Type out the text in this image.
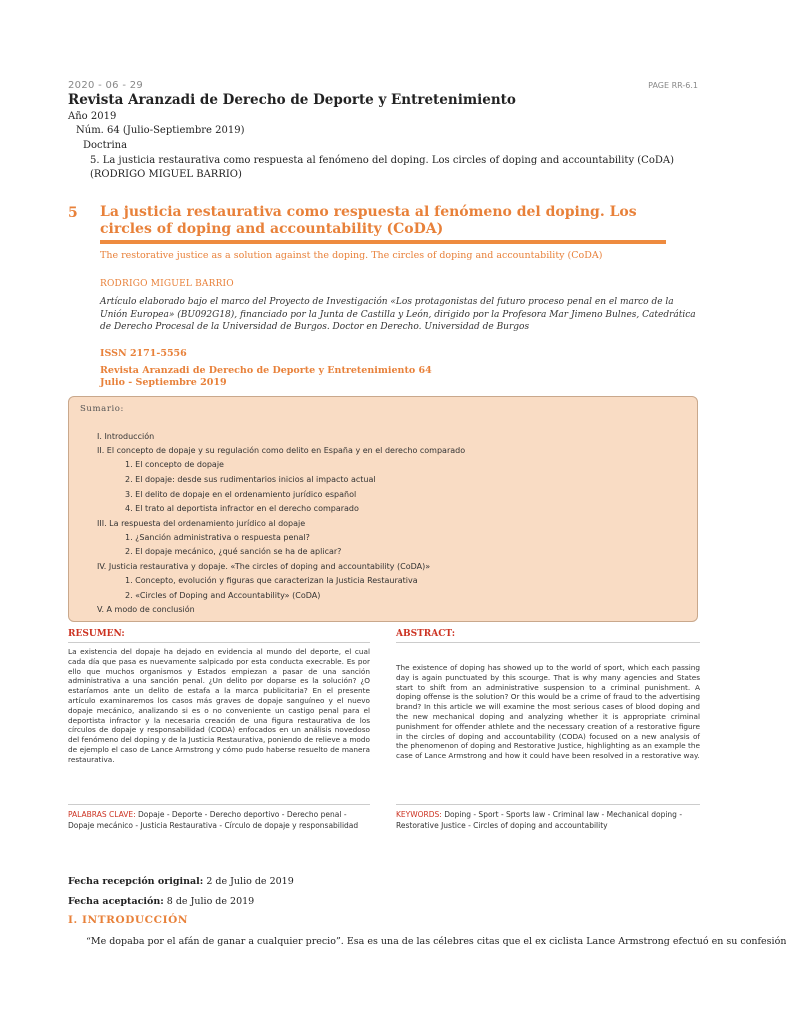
2020 - 06 - 29	PAGE RR-6.1
Revista Aranzadi de Derecho de Deporte y Entretenimiento
Año 2019
Núm. 64 (Julio-Septiembre 2019)
Doctrina
5. La justicia restaurativa como respuesta al fenómeno del doping. Los circles of doping and accountability (CoDA) (RODRIGO MIGUEL BARRIO)
5 La justicia restaurativa como respuesta al fenómeno del doping. Los circles of doping and accountability (CoDA)
The restorative justice as a solution against the doping. The circles of doping and accountability (CoDA)
RODRIGO MIGUEL BARRIO
Artículo elaborado bajo el marco del Proyecto de Investigación «Los protagonistas del futuro proceso penal en el marco de la Unión Europea» (BU092G18), financiado por la Junta de Castilla y León, dirigido por la Profesora Mar Jimeno Bulnes, Catedrática de Derecho Procesal de la Universidad de Burgos. Doctor en Derecho. Universidad de Burgos
ISSN 2171-5556
Revista Aranzadi de Derecho de Deporte y Entretenimiento 64
Julio - Septiembre 2019
Sumario:
I. Introducción
II. El concepto de dopaje y su regulación como delito en España y en el derecho comparado
1. El concepto de dopaje
2. El dopaje: desde sus rudimentarios inicios al impacto actual
3. El delito de dopaje en el ordenamiento jurídico español
4. El trato al deportista infractor en el derecho comparado
III. La respuesta del ordenamiento jurídico al dopaje
1. ¿Sanción administrativa o respuesta penal?
2. El dopaje mecánico, ¿qué sanción se ha de aplicar?
IV. Justicia restaurativa y dopaje. «The circles of doping and accountability (CoDA)»
1. Concepto, evolución y figuras que caracterizan la Justicia Restaurativa
2. «Circles of Doping and Accountability» (CoDA)
V. A modo de conclusión
RESUMEN:	ABSTRACT:
La existencia del dopaje ha dejado en evidencia al mundo del deporte, el cual cada día que pasa es nuevamente salpicado por esta conducta execrable. Es por ello que muchos organismos y Estados empiezan a pasar de una sanción administrativa a una sanción penal. ¿Un delito por doparse es la solución? ¿O estaríamos ante un delito de estafa a la marca publicitaria? En el presente artículo examinaremos los casos más graves de dopaje sanguíneo y el nuevo dopaje mecánico, analizando si es o no conveniente un castigo penal para el deportista infractor y la necesaria creación de una figura restaurativa de los círculos de dopaje y responsabilidad (CODA) enfocados en un análisis novedoso del fenómeno del doping y de la Justicia Restaurativa, poniendo de relieve a modo de ejemplo el caso de Lance Armstrong y cómo pudo haberse resuelto de manera restaurativa.
The existence of doping has showed up to the world of sport, which each passing day is again punctuated by this scourge. That is why many agencies and States start to shift from an administrative suspension to a criminal punishment. A doping offense is the solution? Or this would be a crime of fraud to the advertising brand? In this article we will examine the most serious cases of blood doping and the new mechanical doping and analyzing whether it is appropriate criminal punishment for offender athlete and the necessary creation of a restorative figure in the circles of doping and accountability (CODA) focused on a new analysis of the phenomenon of doping and Restorative Justice, highlighting as an example the case of Lance Armstrong and how it could have been resolved in a restorative way.
PALABRAS CLAVE: Dopaje - Deporte - Derecho deportivo - Derecho penal - Dopaje mecánico - Justicia Restaurativa - Círculo de dopaje y responsabilidad
KEYWORDS: Doping - Sport - Sports law - Criminal law - Mechanical doping - Restorative Justice - Circles of doping and accountability
Fecha recepción original: 2 de Julio de 2019
Fecha aceptación: 8 de Julio de 2019
I. INTRODUCCIÓN
“Me dopaba por el afán de ganar a cualquier precio”. Esa es una de las célebres citas que el ex ciclista Lance Armstrong efectuó en su confesión
